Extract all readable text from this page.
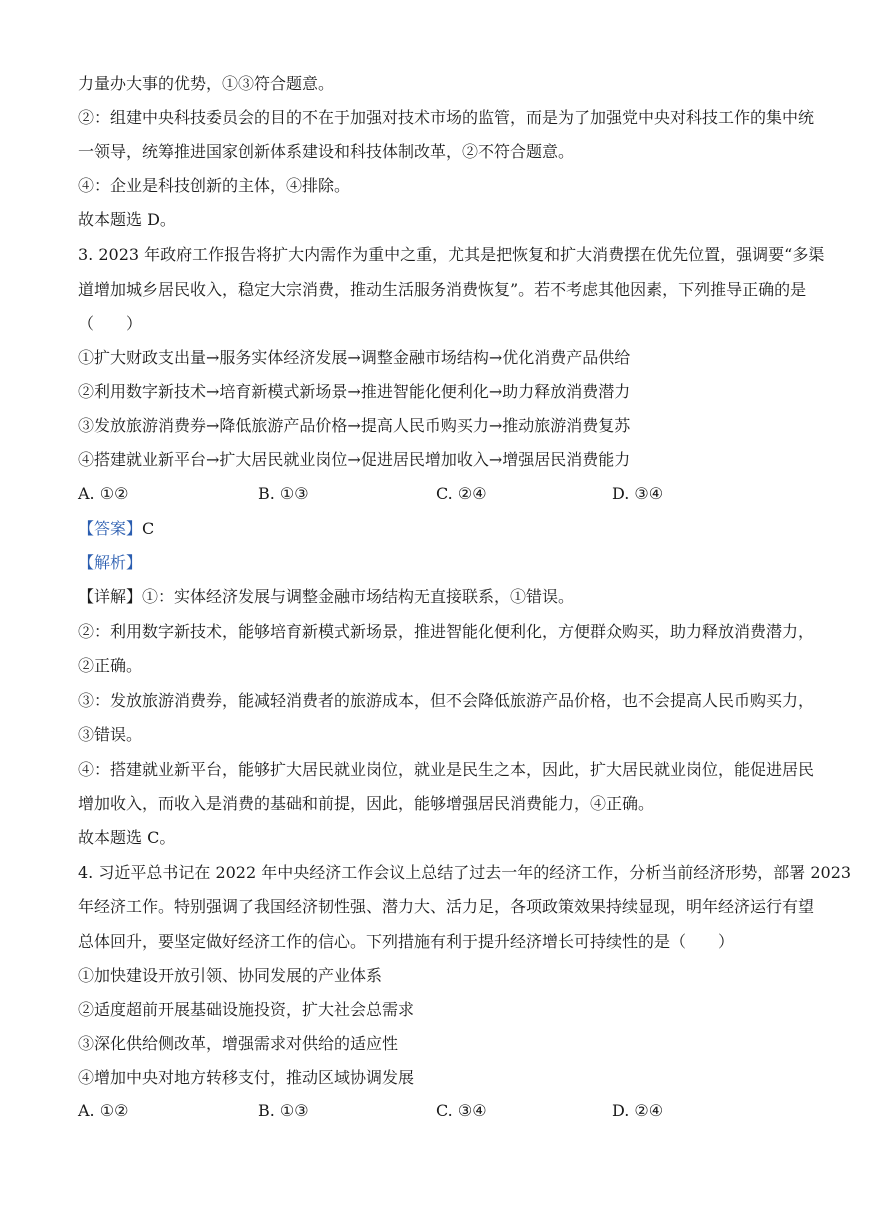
力量办大事的优势，①③符合题意。
②：组建中央科技委员会的目的不在于加强对技术市场的监管，而是为了加强党中央对科技工作的集中统
一领导，统筹推进国家创新体系建设和科技体制改革，②不符合题意。
④：企业是科技创新的主体，④排除。
故本题选 D。
3. 2023 年政府工作报告将扩大内需作为重中之重，尤其是把恢复和扩大消费摆在优先位置，强调要“多渠
道增加城乡居民收入，稳定大宗消费，推动生活服务消费恢复”。若不考虑其他因素，下列推导正确的是
（　　）
①扩大财政支出量→服务实体经济发展→调整金融市场结构→优化消费产品供给
②利用数字新技术→培育新模式新场景→推进智能化便利化→助力释放消费潜力
③发放旅游消费券→降低旅游产品价格→提高人民币购买力→推动旅游消费复苏
④搭建就业新平台→扩大居民就业岗位→促进居民增加收入→增强居民消费能力
A. ①②	B. ①③	C. ②④	D. ③④
【答案】C
【解析】
【详解】①：实体经济发展与调整金融市场结构无直接联系，①错误。
②：利用数字新技术，能够培育新模式新场景，推进智能化便利化，方便群众购买，助力释放消费潜力，
②正确。
③：发放旅游消费券，能减轻消费者的旅游成本，但不会降低旅游产品价格，也不会提高人民币购买力，
③错误。
④：搭建就业新平台，能够扩大居民就业岗位，就业是民生之本，因此，扩大居民就业岗位，能促进居民
增加收入，而收入是消费的基础和前提，因此，能够增强居民消费能力，④正确。
故本题选 C。
4. 习近平总书记在 2022 年中央经济工作会议上总结了过去一年的经济工作，分析当前经济形势，部署 2023
年经济工作。特别强调了我国经济韧性强、潜力大、活力足，各项政策效果持续显现，明年经济运行有望
总体回升，要坚定做好经济工作的信心。下列措施有利于提升经济增长可持续性的是（　　）
①加快建设开放引领、协同发展的产业体系
②适度超前开展基础设施投资，扩大社会总需求
③深化供给侧改革，增强需求对供给的适应性
④增加中央对地方转移支付，推动区域协调发展
A. ①②	B. ①③	C. ③④	D. ②④
